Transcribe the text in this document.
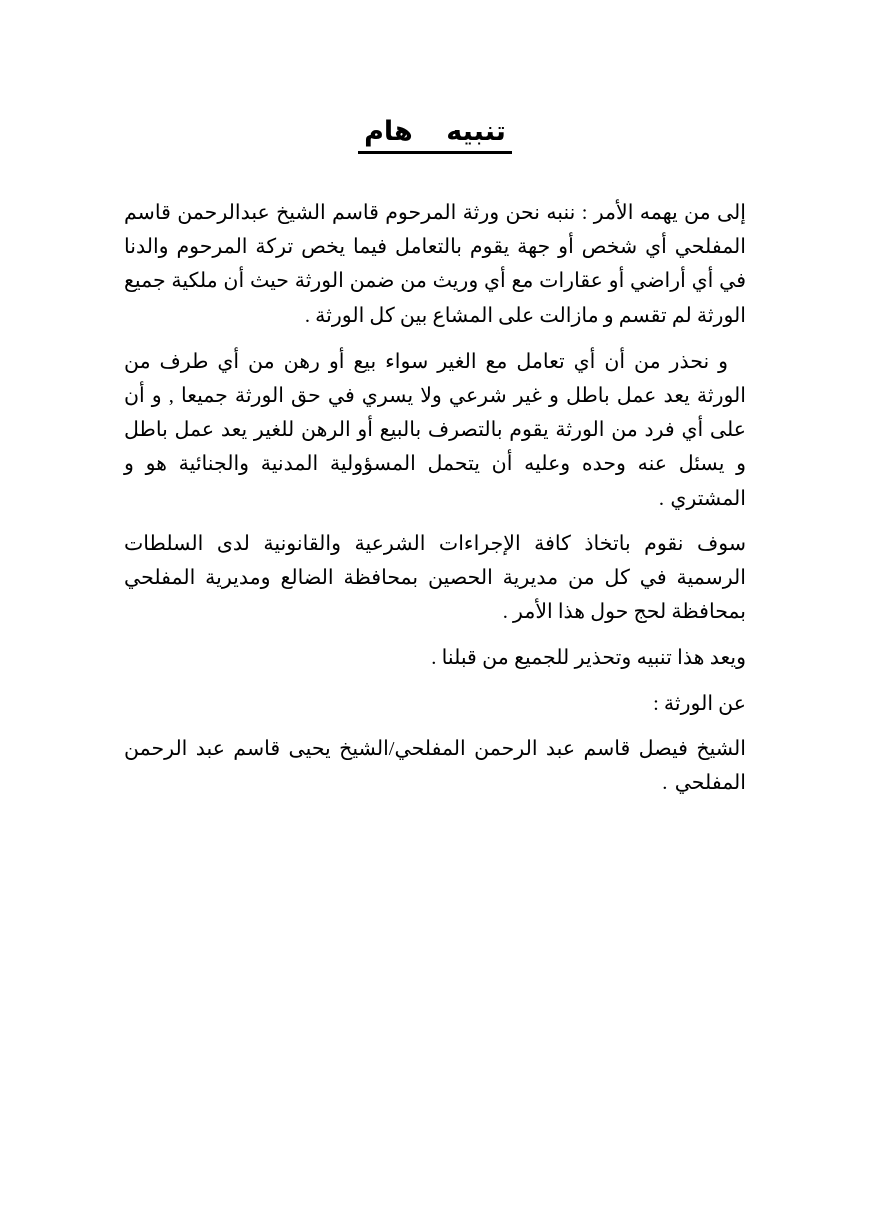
تنبيه هام

إلى من يهمه الأمر : ننبه نحن ورثة المرحوم قاسم الشيخ عبدالرحمن قاسم المفلحي أي شخص أو جهة يقوم بالتعامل فيما يخص تركة المرحوم والدنا في أي أراضي أو عقارات مع أي وريث من ضمن الورثة حيث أن ملكية جميع الورثة لم تقسم و مازالت على المشاع بين كل الورثة .

و نحذر من أن أي تعامل مع الغير سواء بيع أو رهن من أي طرف من الورثة يعد عمل باطل و غير شرعي ولا يسري في حق الورثة جميعا , و أن على أي فرد من الورثة يقوم بالتصرف بالبيع أو الرهن للغير يعد عمل باطل و يسئل عنه وحده وعليه أن يتحمل المسؤولية المدنية والجنائية هو و المشتري .

سوف نقوم باتخاذ كافة الإجراءات الشرعية والقانونية لدى السلطات الرسمية في كل من مديرية الحصين بمحافظة الضالع ومديرية المفلحي بمحافظة لحج حول هذا الأمر .

ويعد هذا تنبيه وتحذير للجميع من قبلنا .

عن الورثة :

الشيخ فيصل قاسم عبد الرحمن المفلحي/الشيخ يحيى قاسم عبد الرحمن المفلحي .
